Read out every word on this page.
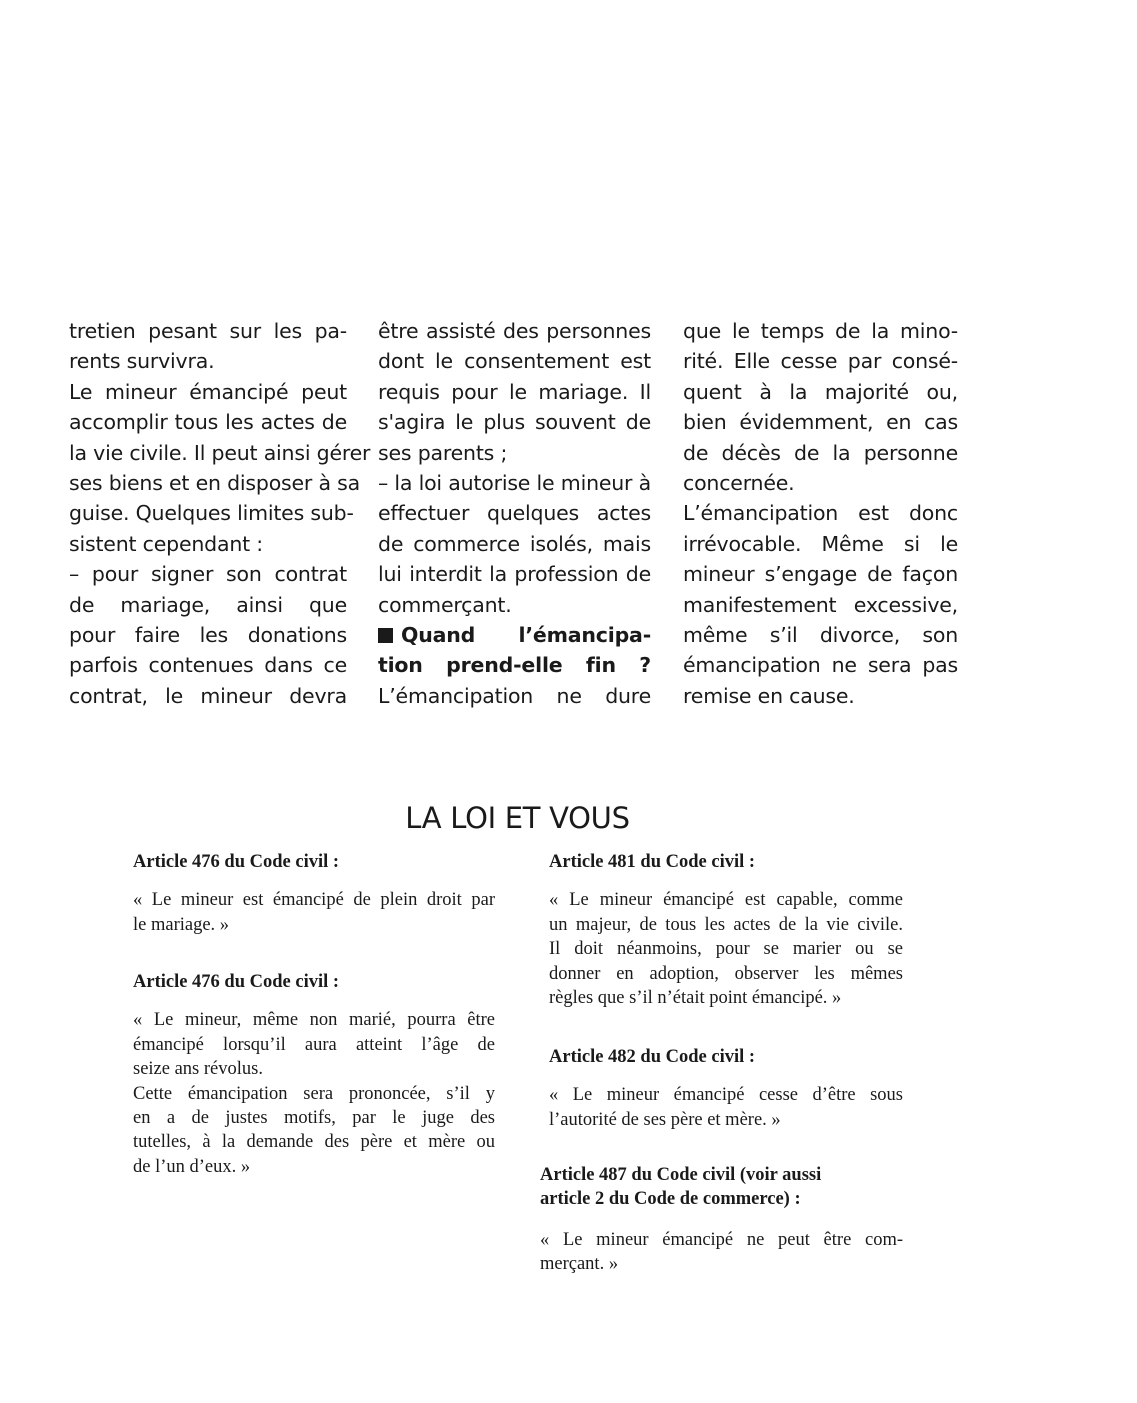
tretien pesant sur les pa-
rents survivra.
Le mineur émancipé peut
accomplir tous les actes de
la vie civile. Il peut ainsi gérer
ses biens et en disposer à sa
guise. Quelques limites sub-
sistent cependant :
– pour signer son contrat
de mariage, ainsi que
pour faire les donations
parfois contenues dans ce
contrat, le mineur devra
être assisté des personnes
dont le consentement est
requis pour le mariage. Il
s'agira le plus souvent de
ses parents ;
– la loi autorise le mineur à
effectuer quelques actes
de commerce isolés, mais
lui interdit la profession de
commerçant.
Quand l’émancipa-
tion prend-elle fin ?
L’émancipation ne dure
que le temps de la mino-
rité. Elle cesse par consé-
quent à la majorité ou,
bien évidemment, en cas
de décès de la personne
concernée.
L’émancipation est donc
irrévocable. Même si le
mineur s’engage de façon
manifestement excessive,
même s’il divorce, son
émancipation ne sera pas
remise en cause.
LA LOI ET VOUS
Article 476 du Code civil :
« Le mineur est émancipé de plein droit par
le mariage. »
Article 476 du Code civil :
« Le mineur, même non marié, pourra être
émancipé lorsqu’il aura atteint l’âge de
seize ans révolus.
Cette émancipation sera prononcée, s’il y
en a de justes motifs, par le juge des
tutelles, à la demande des père et mère ou
de l’un d’eux. »
Article 481 du Code civil :
« Le mineur émancipé est capable, comme
un majeur, de tous les actes de la vie civile.
Il doit néanmoins, pour se marier ou se
donner en adoption, observer les mêmes
règles que s’il n’était point émancipé. »
Article 482 du Code civil :
« Le mineur émancipé cesse d’être sous
l’autorité de ses père et mère. »
Article 487 du Code civil (voir aussi
article 2 du Code de commerce) :
« Le mineur émancipé ne peut être com-
merçant. »
